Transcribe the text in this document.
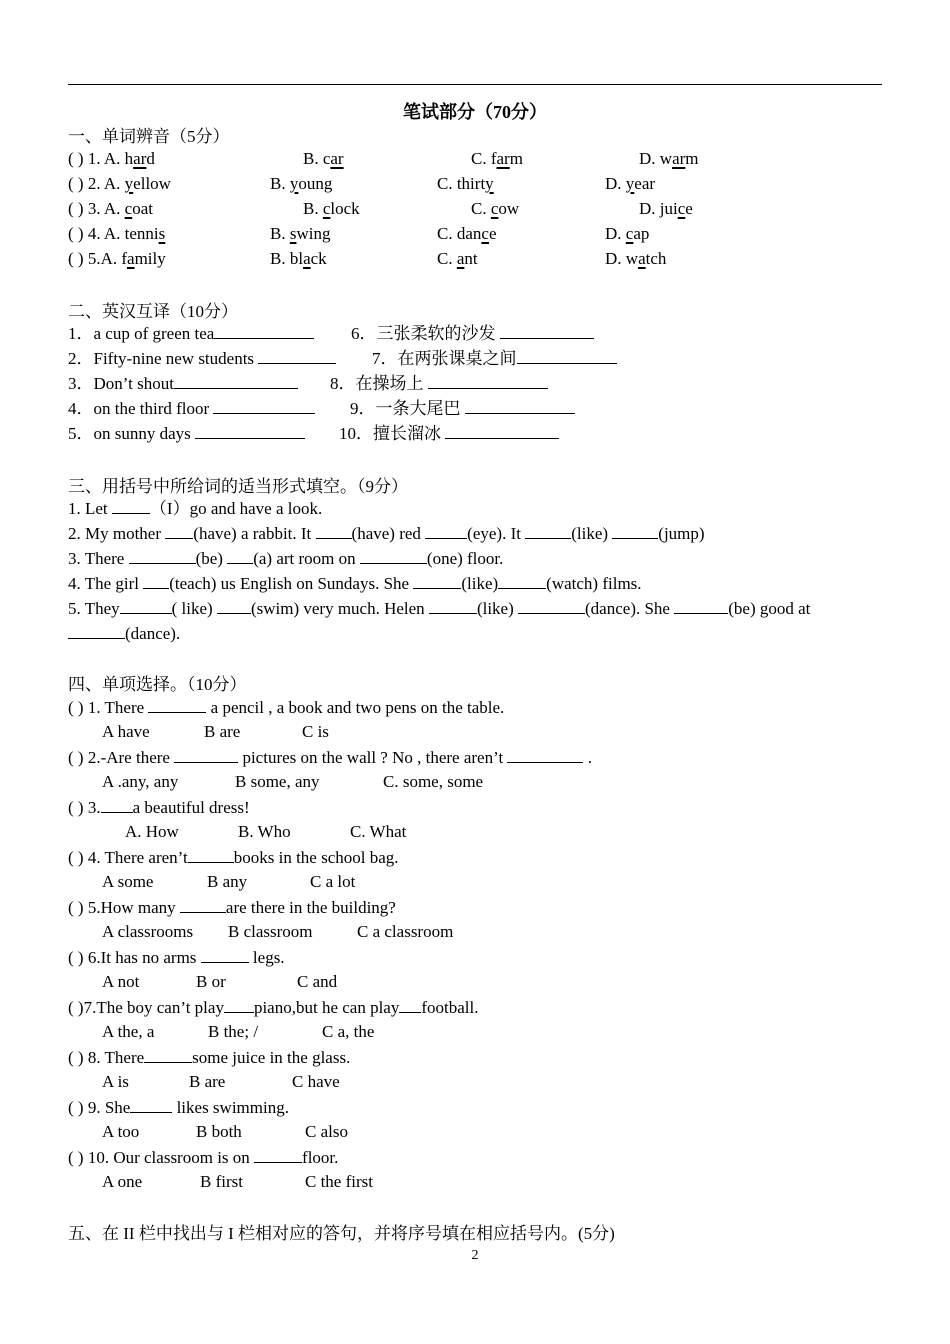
笔试部分（70分）
一、单词辨音（5分）
( ) 1. A. hard	B. car	C. farm	D. warm
( ) 2. A. yellow	B. young	C. thirty	D. year
( ) 3. A. coat	B. clock	C. cow	D. juice
( ) 4. A. tennis	B. swing	C. dance	D. cap
( ) 5.A. family	B. black	C. ant	D. watch
二、英汉互译（10分）
1．a cup of green tea	6．三张柔软的沙发
2．Fifty-nine new students	7．在两张课桌之间
3．Don’t shout	8．在操场上
4．on the third floor	9．一条大尾巴
5．on sunny days	10．擅长溜冰
三、用括号中所给词的适当形式填空。（9分）
1. Let （I）go and have a look.
2. My mother (have) a rabbit. It (have) red (eye). It	(like)	(jump)
3. There	(be) (a) art room on	(one) floor.
4. The girl (teach) us English on Sundays. She	(like)	(watch) films.
5. They	( like) (swim) very much. Helen	(like)	(dance). She	(be) good at
(dance).
四、单项选择。（10分）
( ) 1. There	a pencil , a book and two pens on the table.
A have	B are	C is
( ) 2.-Are there	pictures on the wall ? No , there aren’t	.
A .any, any	B some, any	C. some, some
( ) 3. a beautiful dress!
A. How	B. Who	C. What
( ) 4. There aren’t	books in the school bag.
A some	B any	C a lot
( ) 5.How many	are there in the building?
A classrooms B classroom	C a classroom
( ) 6.It has no arms	legs.
A not	B or	C and
( )7.The boy can’t play piano,but he can play football.
A the, a	B the; /	C a, the
( ) 8. There	some juice in the glass.
A is	B are	C have
( ) 9. She likes swimming.
A too	B both	C also
( ) 10. Our classroom is on	floor.
A one	B first	C the first
五、在 II 栏中找出与 I 栏相对应的答句，并将序号填在相应括号内。(5分)
2
